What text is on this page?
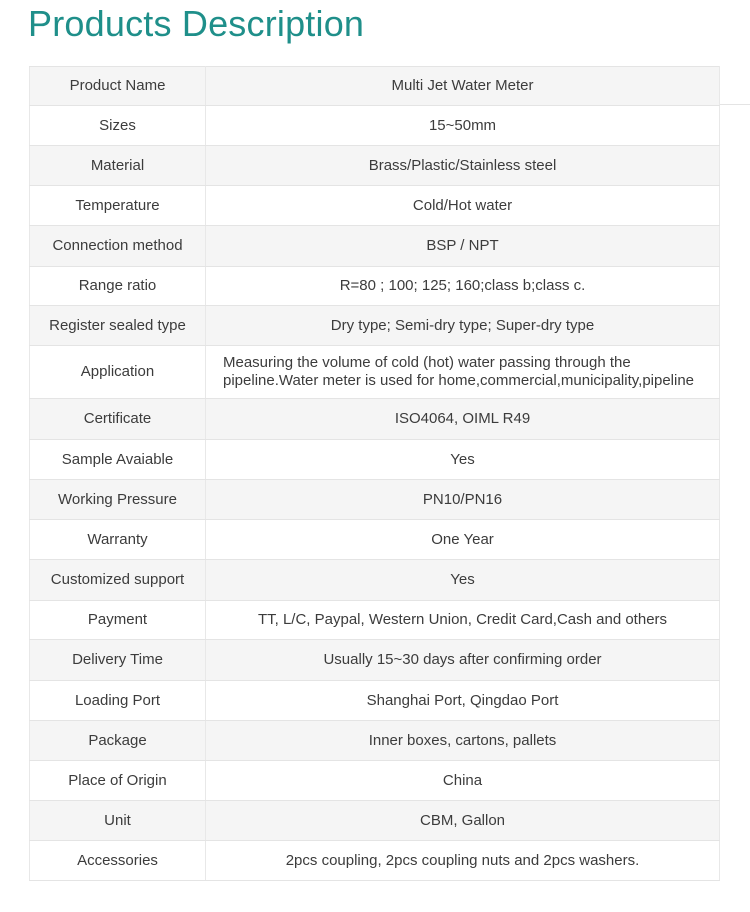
Products Description
Product Name	Multi Jet Water Meter
Sizes	15~50mm
Material	Brass/Plastic/Stainless steel
Temperature	Cold/Hot water
Connection method	BSP / NPT
Range ratio	R=80 ; 100; 125; 160;class b;class c.
Register sealed type	Dry type; Semi-dry type; Super-dry type
Application	Measuring the volume of cold (hot) water passing through the pipeline.Water meter is used for home,commercial,municipality,pipeline
Certificate	ISO4064, OIML R49
Sample Avaiable	Yes
Working Pressure	PN10/PN16
Warranty	One Year
Customized support	Yes
Payment	TT, L/C, Paypal, Western Union, Credit Card,Cash and others
Delivery Time	Usually 15~30 days after confirming order
Loading Port	Shanghai Port, Qingdao Port
Package	Inner boxes, cartons, pallets
Place of Origin	China
Unit	CBM, Gallon
Accessories	2pcs coupling, 2pcs coupling nuts and 2pcs washers.
